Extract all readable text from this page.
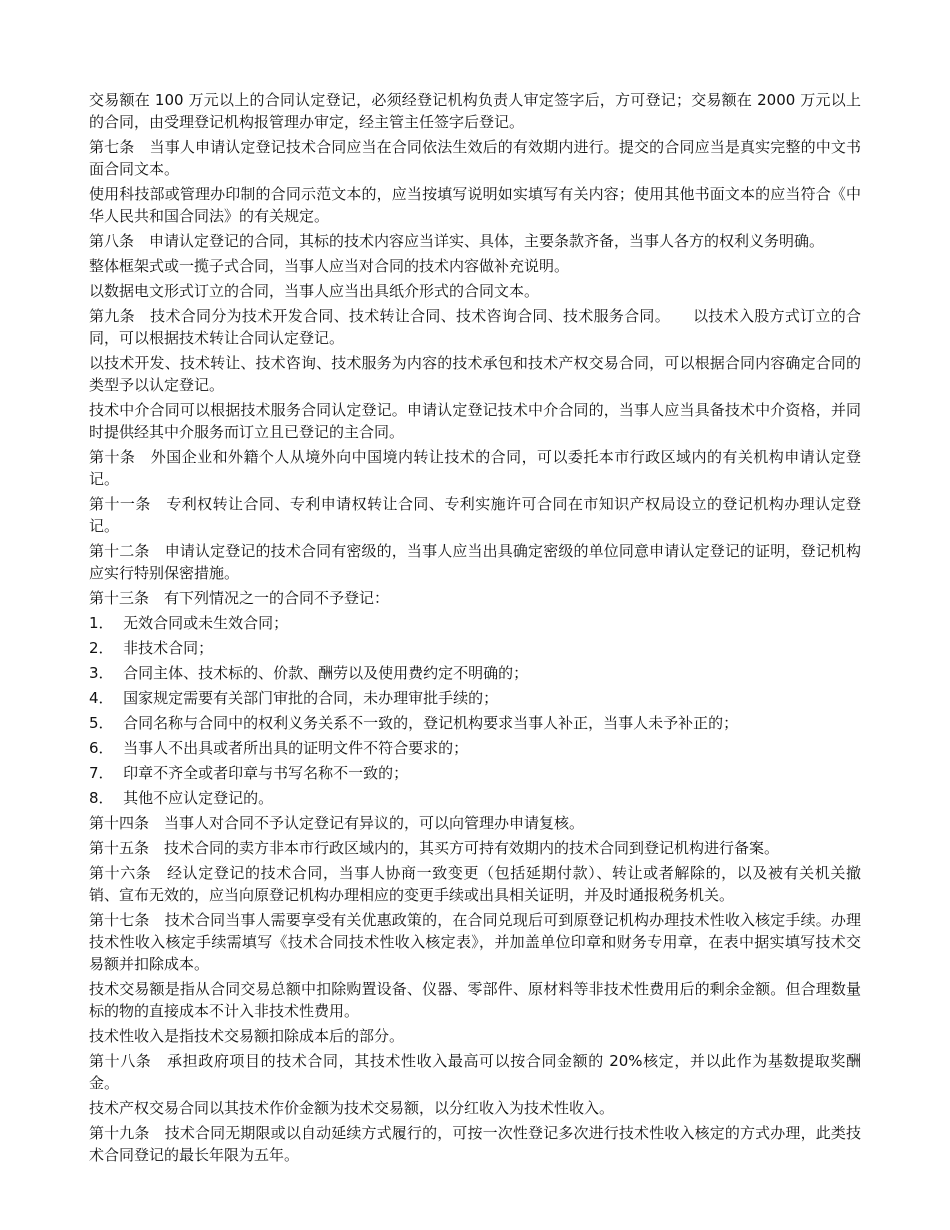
交易额在 100 万元以上的合同认定登记，必须经登记机构负责人审定签字后，方可登记；交易额在 2000 万元以上的合同，由受理登记机构报管理办审定，经主管主任签字后登记。

第七条　当事人申请认定登记技术合同应当在合同依法生效后的有效期内进行。提交的合同应当是真实完整的中文书面合同文本。

使用科技部或管理办印制的合同示范文本的，应当按填写说明如实填写有关内容；使用其他书面文本的应当符合《中华人民共和国合同法》的有关规定。

第八条　申请认定登记的合同，其标的技术内容应当详实、具体，主要条款齐备，当事人各方的权利义务明确。

整体框架式或一揽子式合同，当事人应当对合同的技术内容做补充说明。

以数据电文形式订立的合同，当事人应当出具纸介形式的合同文本。

第九条　技术合同分为技术开发合同、技术转让合同、技术咨询合同、技术服务合同。　　以技术入股方式订立的合同，可以根据技术转让合同认定登记。

以技术开发、技术转让、技术咨询、技术服务为内容的技术承包和技术产权交易合同，可以根据合同内容确定合同的类型予以认定登记。

技术中介合同可以根据技术服务合同认定登记。申请认定登记技术中介合同的，当事人应当具备技术中介资格，并同时提供经其中介服务而订立且已登记的主合同。

第十条　外国企业和外籍个人从境外向中国境内转让技术的合同，可以委托本市行政区域内的有关机构申请认定登记。

第十一条　专利权转让合同、专利申请权转让合同、专利实施许可合同在市知识产权局设立的登记机构办理认定登记。

第十二条　申请认定登记的技术合同有密级的，当事人应当出具确定密级的单位同意申请认定登记的证明，登记机构应实行特别保密措施。

第十三条　有下列情况之一的合同不予登记：

1． 无效合同或未生效合同；
2． 非技术合同；
3． 合同主体、技术标的、价款、酬劳以及使用费约定不明确的；
4． 国家规定需要有关部门审批的合同，未办理审批手续的；
5． 合同名称与合同中的权利义务关系不一致的，登记机构要求当事人补正，当事人未予补正的；
6． 当事人不出具或者所出具的证明文件不符合要求的；
7． 印章不齐全或者印章与书写名称不一致的；
8． 其他不应认定登记的。

第十四条　当事人对合同不予认定登记有异议的，可以向管理办申请复核。

第十五条　技术合同的卖方非本市行政区域内的，其买方可持有效期内的技术合同到登记机构进行备案。

第十六条　经认定登记的技术合同，当事人协商一致变更（包括延期付款）、转让或者解除的，以及被有关机关撤销、宣布无效的，应当向原登记机构办理相应的变更手续或出具相关证明，并及时通报税务机关。

第十七条　技术合同当事人需要享受有关优惠政策的，在合同兑现后可到原登记机构办理技术性收入核定手续。办理技术性收入核定手续需填写《技术合同技术性收入核定表》，并加盖单位印章和财务专用章，在表中据实填写技术交易额并扣除成本。

技术交易额是指从合同交易总额中扣除购置设备、仪器、零部件、原材料等非技术性费用后的剩余金额。但合理数量标的物的直接成本不计入非技术性费用。

技术性收入是指技术交易额扣除成本后的部分。

第十八条　承担政府项目的技术合同，其技术性收入最高可以按合同金额的 20%核定，并以此作为基数提取奖酬金。

技术产权交易合同以其技术作价金额为技术交易额，以分红收入为技术性收入。

第十九条　技术合同无期限或以自动延续方式履行的，可按一次性登记多次进行技术性收入核定的方式办理，此类技术合同登记的最长年限为五年。
